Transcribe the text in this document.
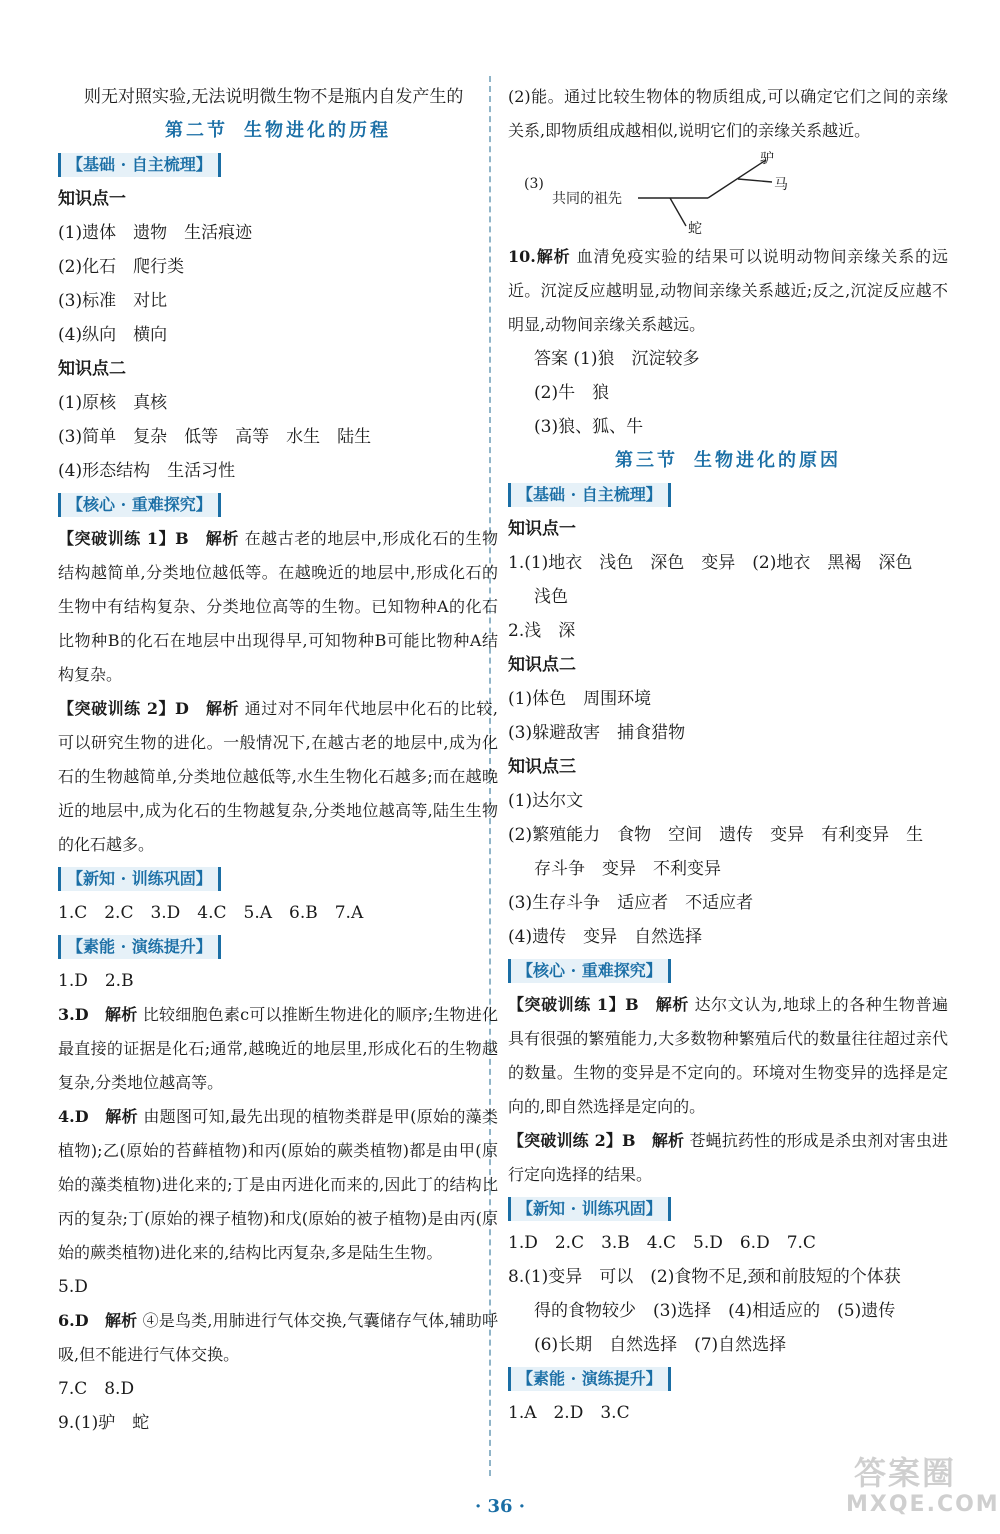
则无对照实验,无法说明微生物不是瓶内自发产生的
第二节 生物进化的历程
【基础 · 自主梳理】
知识点一
(1)遗体　遗物　生活痕迹
(2)化石　爬行类
(3)标准　对比
(4)纵向　横向
知识点二
(1)原核　真核
(3)简单　复杂　低等　高等　水生　陆生
(4)形态结构　生活习性
【核心 · 重难探究】
【突破训练 1】B　解析 在越古老的地层中,形成化石的生物结构越简单,分类地位越低等。在越晚近的地层中,形成化石的生物中有结构复杂、分类地位高等的生物。已知物种A的化石比物种B的化石在地层中出现得早,可知物种B可能比物种A结构复杂。
【突破训练 2】D　解析 通过对不同年代地层中化石的比较,可以研究生物的进化。一般情况下,在越古老的地层中,成为化石的生物越简单,分类地位越低等,水生生物化石越多;而在越晚近的地层中,成为化石的生物越复杂,分类地位越高等,陆生生物的化石越多。
【新知 · 训练巩固】
1.C　2.C　3.D　4.C　5.A　6.B　7.A
【素能 · 演练提升】
1.D　2.B
3.D　解析 比较细胞色素c可以推断生物进化的顺序;生物进化最直接的证据是化石;通常,越晚近的地层里,形成化石的生物越复杂,分类地位越高等。
4.D　解析 由题图可知,最先出现的植物类群是甲(原始的藻类植物);乙(原始的苔藓植物)和丙(原始的蕨类植物)都是由甲(原始的藻类植物)进化来的;丁是由丙进化而来的,因此丁的结构比丙的复杂;丁(原始的裸子植物)和戊(原始的被子植物)是由丙(原始的蕨类植物)进化来的,结构比丙复杂,多是陆生生物。
5.D
6.D　解析 ④是鸟类,用肺进行气体交换,气囊储存气体,辅助呼吸,但不能进行气体交换。
7.C　8.D
9.(1)驴　蛇
(2)能。通过比较生物体的物质组成,可以确定它们之间的亲缘关系,即物质组成越相似,说明它们的亲缘关系越近。
(3)
共同的祖先
驴
马
蛇
10.解析 血清免疫实验的结果可以说明动物间亲缘关系的远近。沉淀反应越明显,动物间亲缘关系越近;反之,沉淀反应越不明显,动物间亲缘关系越远。
答案 (1)狼　沉淀较多
(2)牛　狼
(3)狼、狐、牛
第三节 生物进化的原因
【基础 · 自主梳理】
知识点一
1.(1)地衣　浅色　深色　变异　(2)地衣　黑褐　深色
浅色
2.浅　深
知识点二
(1)体色　周围环境
(3)躲避敌害　捕食猎物
知识点三
(1)达尔文
(2)繁殖能力　食物　空间　遗传　变异　有利变异　生
存斗争　变异　不利变异
(3)生存斗争　适应者　不适应者
(4)遗传　变异　自然选择
【核心 · 重难探究】
【突破训练 1】B　解析 达尔文认为,地球上的各种生物普遍具有很强的繁殖能力,大多数物种繁殖后代的数量往往超过亲代的数量。生物的变异是不定向的。环境对生物变异的选择是定向的,即自然选择是定向的。
【突破训练 2】B　解析 苍蝇抗药性的形成是杀虫剂对害虫进行定向选择的结果。
【新知 · 训练巩固】
1.D　2.C　3.B　4.C　5.D　6.D　7.C
8.(1)变异　可以　(2)食物不足,颈和前肢短的个体获
得的食物较少　(3)选择　(4)相适应的　(5)遗传
(6)长期　自然选择　(7)自然选择
【素能 · 演练提升】
1.A　2.D　3.C
· 36 ·
答案圈
MXQE.COM
